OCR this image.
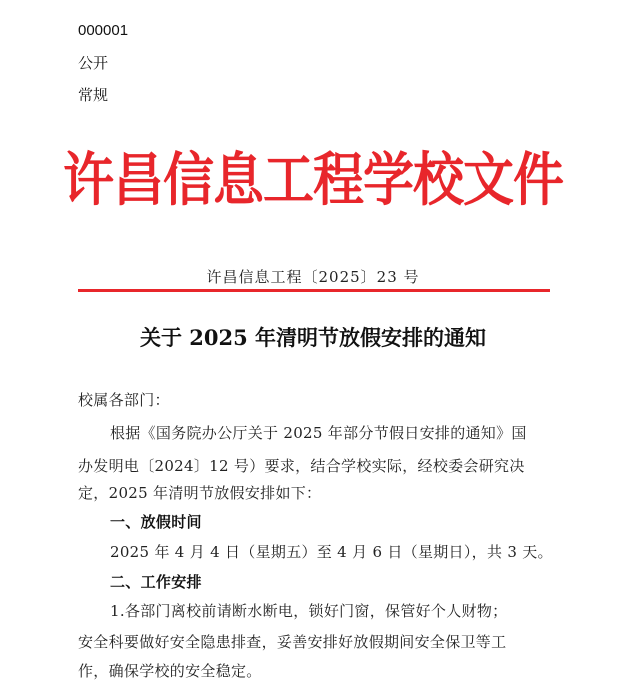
000001
公开
常规
许昌信息工程学校文件
许昌信息工程〔2025〕23 号
关于 2025 年清明节放假安排的通知
校属各部门：
根据《国务院办公厅关于 2025 年部分节假日安排的通知》国
办发明电〔2024〕12 号）要求，结合学校实际，经校委会研究决
定，2025 年清明节放假安排如下：
一、放假时间
2025 年 4 月 4 日（星期五）至 4 月 6 日（星期日），共 3 天。
二、工作安排
1.各部门离校前请断水断电，锁好门窗，保管好个人财物；
安全科要做好安全隐患排查，妥善安排好放假期间安全保卫等工
作，确保学校的安全稳定。
